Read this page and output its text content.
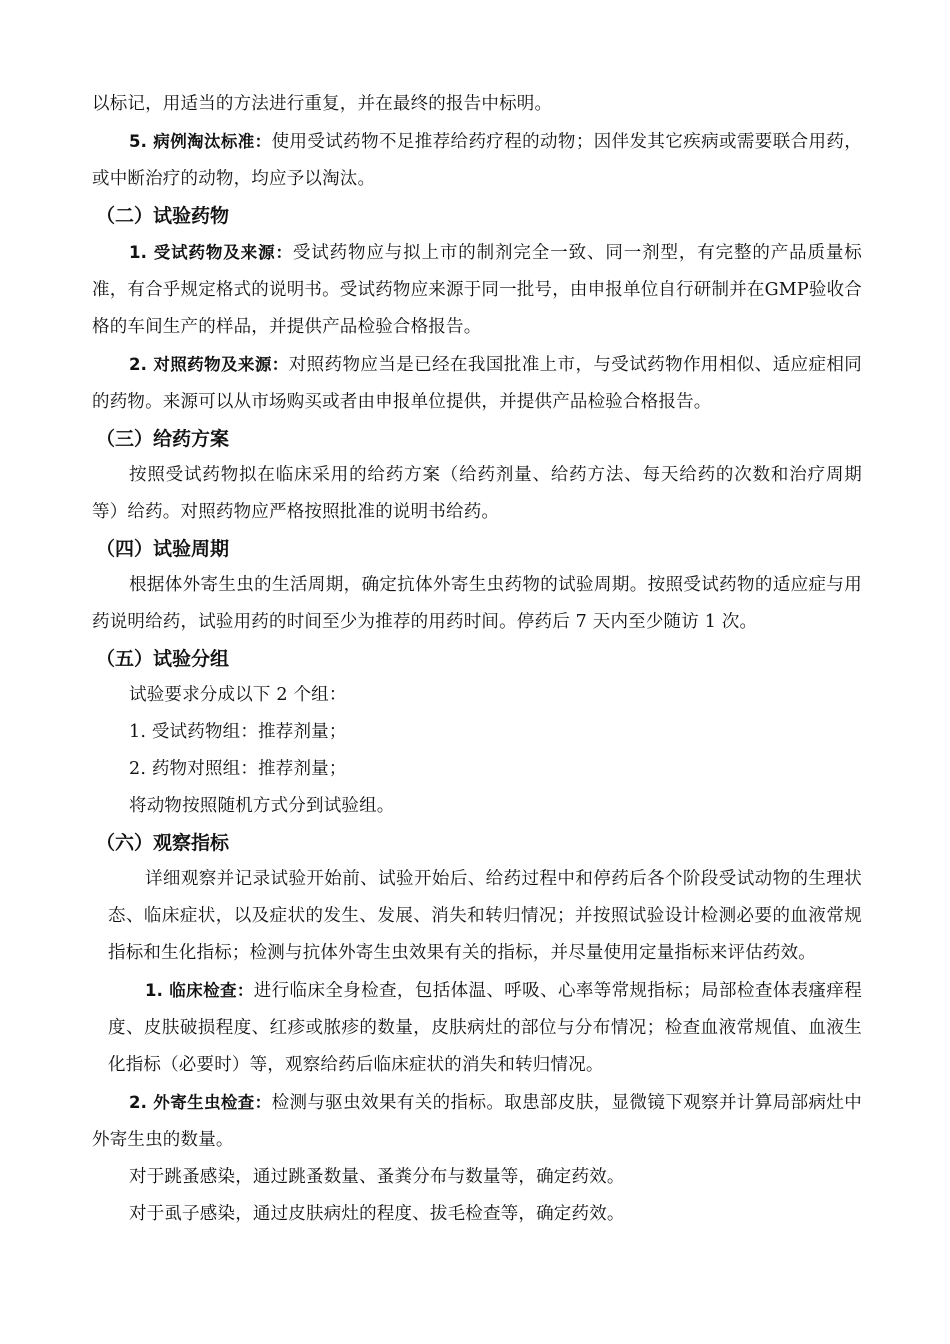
以标记，用适当的方法进行重复，并在最终的报告中标明。

5. 病例淘汰标准：使用受试药物不足推荐给药疗程的动物；因伴发其它疾病或需要联合用药，或中断治疗的动物，均应予以淘汰。

（二）试验药物

1. 受试药物及来源：受试药物应与拟上市的制剂完全一致、同一剂型，有完整的产品质量标准，有合乎规定格式的说明书。受试药物应来源于同一批号，由申报单位自行研制并在GMP验收合格的车间生产的样品，并提供产品检验合格报告。

2. 对照药物及来源：对照药物应当是已经在我国批准上市，与受试药物作用相似、适应症相同的药物。来源可以从市场购买或者由申报单位提供，并提供产品检验合格报告。

（三）给药方案

按照受试药物拟在临床采用的给药方案（给药剂量、给药方法、每天给药的次数和治疗周期等）给药。对照药物应严格按照批准的说明书给药。

（四）试验周期

根据体外寄生虫的生活周期，确定抗体外寄生虫药物的试验周期。按照受试药物的适应症与用药说明给药，试验用药的时间至少为推荐的用药时间。停药后 7 天内至少随访 1 次。

（五）试验分组

试验要求分成以下 2 个组：

1. 受试药物组：推荐剂量；

2. 药物对照组：推荐剂量；

将动物按照随机方式分到试验组。

（六）观察指标

详细观察并记录试验开始前、试验开始后、给药过程中和停药后各个阶段受试动物的生理状态、临床症状，以及症状的发生、发展、消失和转归情况；并按照试验设计检测必要的血液常规指标和生化指标；检测与抗体外寄生虫效果有关的指标，并尽量使用定量指标来评估药效。

1. 临床检查：进行临床全身检查，包括体温、呼吸、心率等常规指标；局部检查体表瘙痒程度、皮肤破损程度、红疹或脓疹的数量，皮肤病灶的部位与分布情况；检查血液常规值、血液生化指标（必要时）等，观察给药后临床症状的消失和转归情况。

2. 外寄生虫检查：检测与驱虫效果有关的指标。取患部皮肤，显微镜下观察并计算局部病灶中外寄生虫的数量。

对于跳蚤感染，通过跳蚤数量、蚤粪分布与数量等，确定药效。

对于虱子感染，通过皮肤病灶的程度、拔毛检查等，确定药效。
